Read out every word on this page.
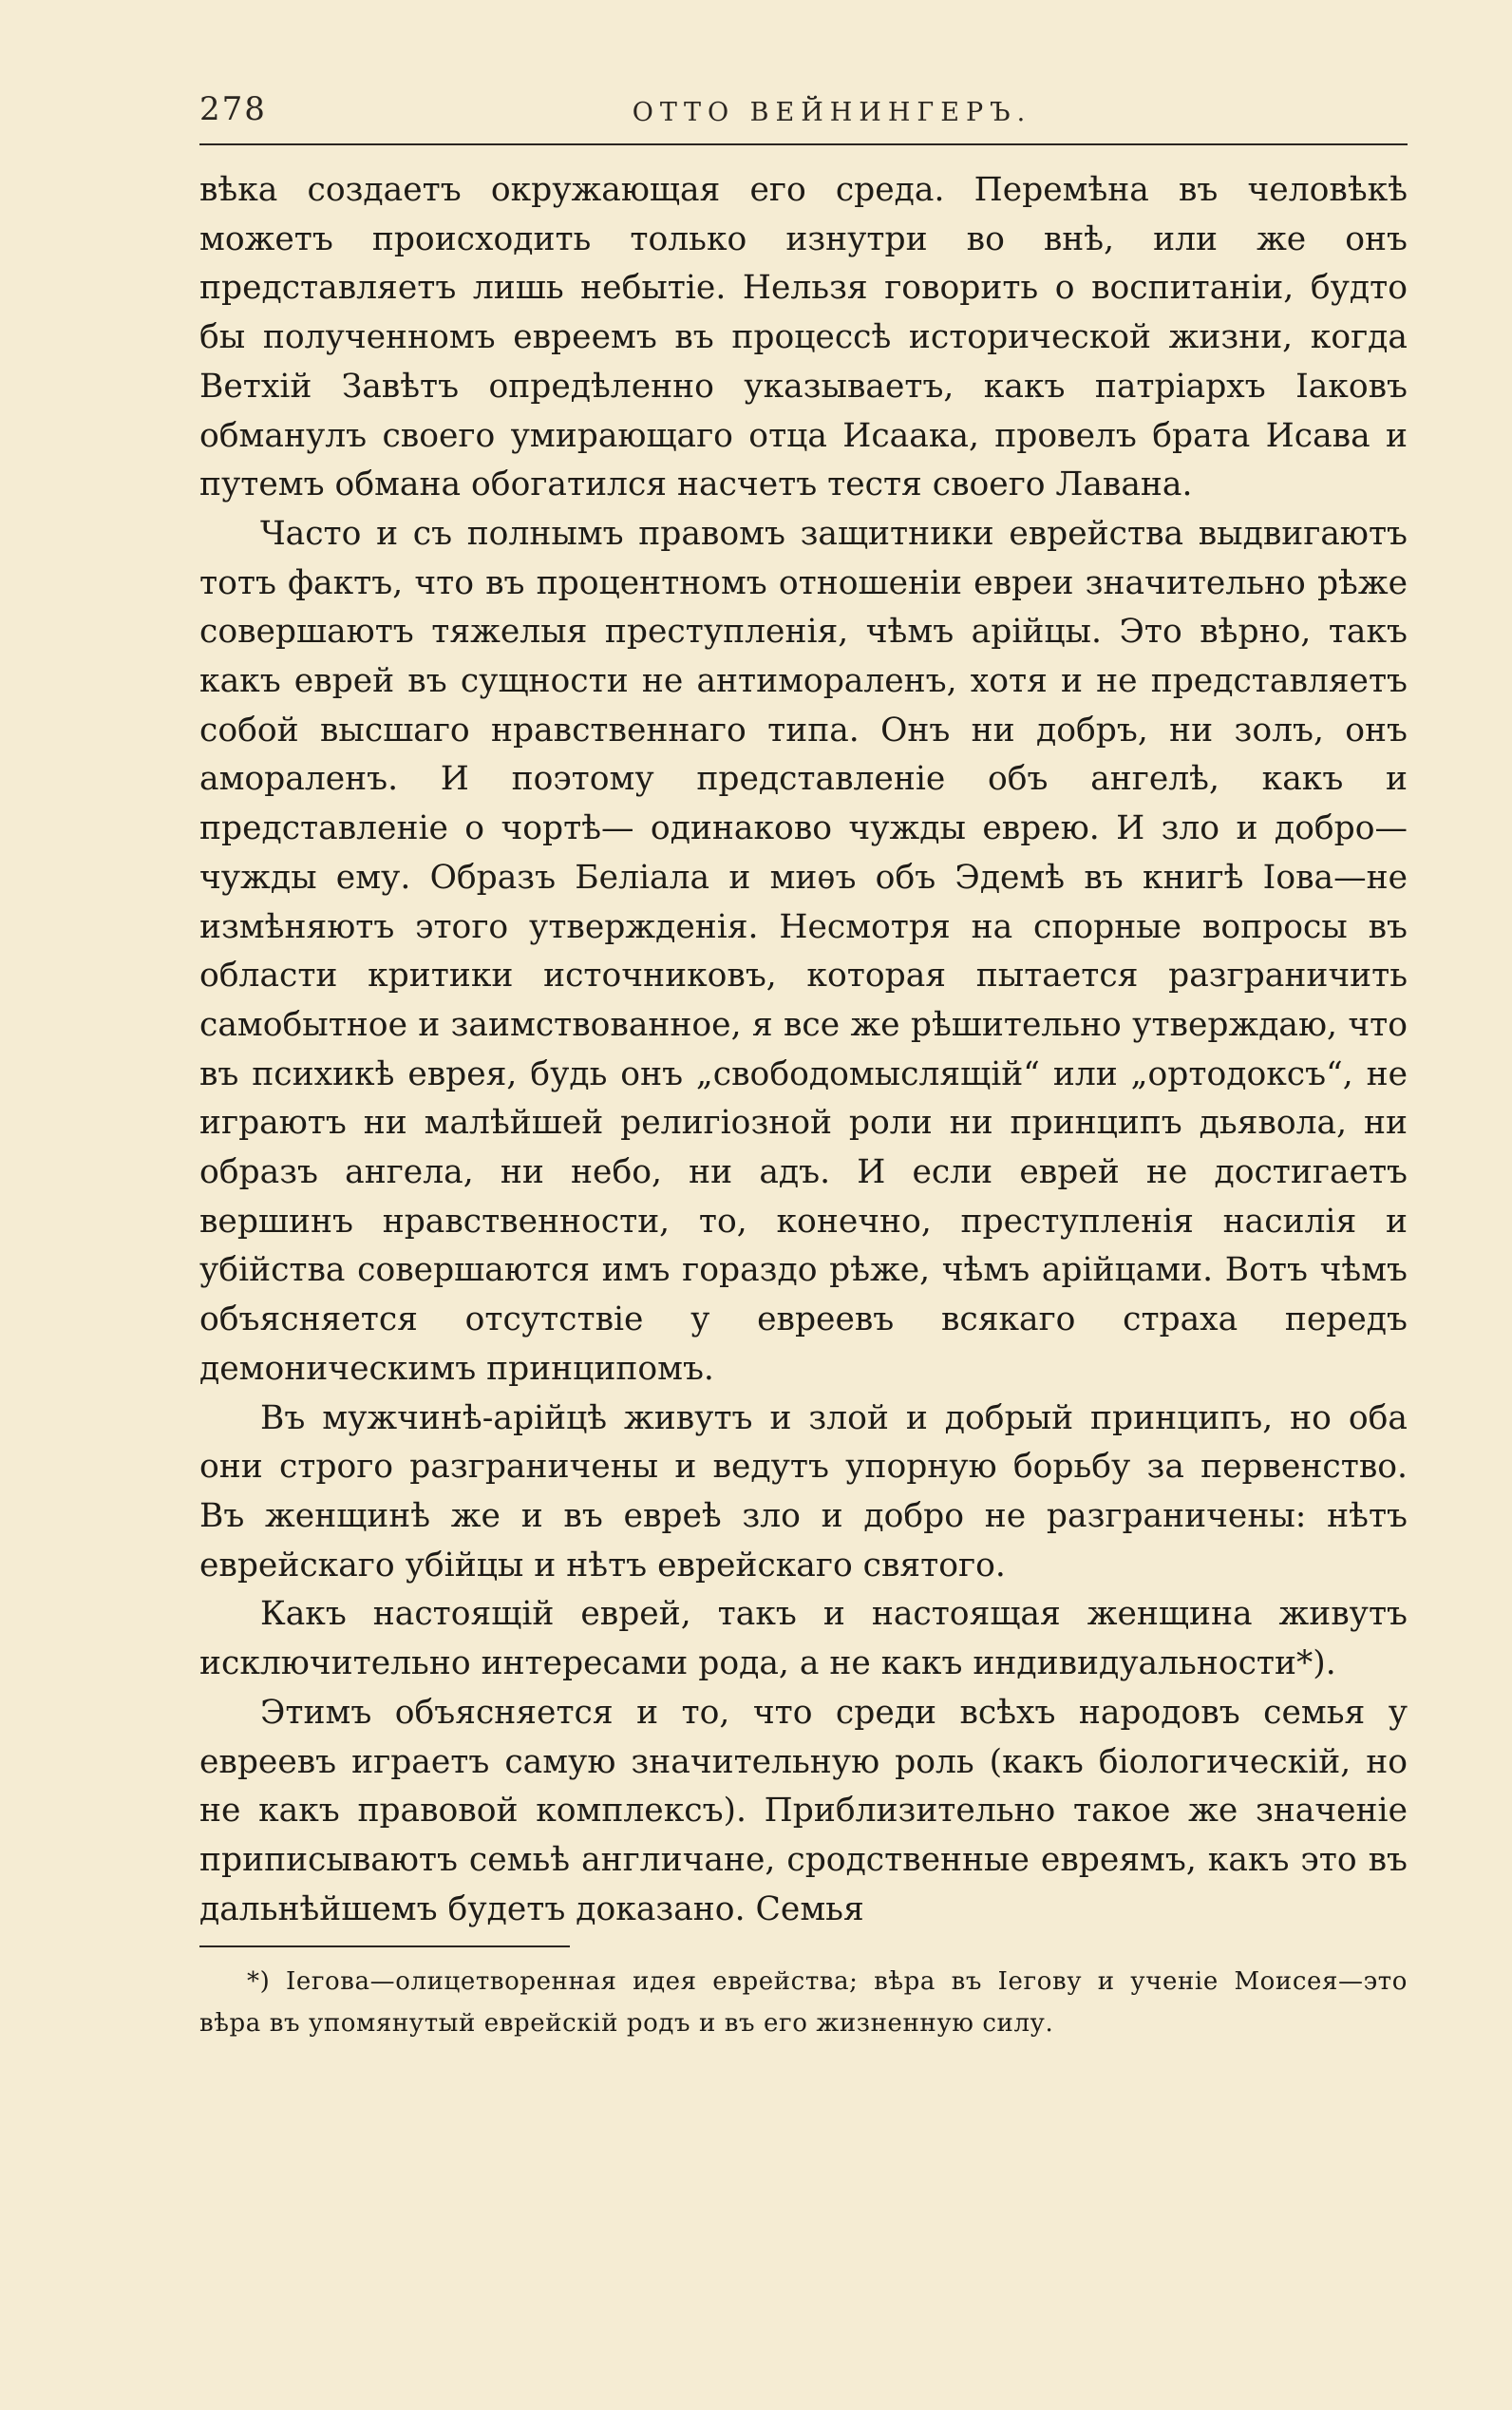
278	ОТТО ВЕЙНИНГЕРЪ.

вѣка создаетъ окружающая его среда. Перемѣна въ человѣкѣ можетъ происходить только изнутри во внѣ, или же онъ представляетъ лишь небытіе. Нельзя говорить о воспитаніи, будто бы полученномъ евреемъ въ процессѣ исторической жизни, когда Ветхій Завѣтъ опредѣленно указываетъ, какъ патріархъ Іаковъ обманулъ своего умирающаго отца Исаака, провелъ брата Исава и путемъ обмана обогатился насчетъ тестя своего Лавана.

Часто и съ полнымъ правомъ защитники еврейства выдвигаютъ тотъ фактъ, что въ процентномъ отношеніи евреи значительно рѣже совершаютъ тяжелыя преступленія, чѣмъ арійцы. Это вѣрно, такъ какъ еврей въ сущности не антимораленъ, хотя и не представляетъ собой высшаго нравственнаго типа. Онъ ни добръ, ни золъ, онъ амораленъ. И поэтому представленіе объ ангелѣ, какъ и представленіе о чортѣ— одинаково чужды еврею. И зло и добро—чужды ему. Образъ Беліала и миѳъ объ Эдемѣ въ книгѣ Іова—не измѣняютъ этого утвержденія. Несмотря на спорные вопросы въ области критики источниковъ, которая пытается разграничить самобытное и заимствованное, я все же рѣшительно утверждаю, что въ психикѣ еврея, будь онъ „свободомыслящій“ или „ортодоксъ“, не играютъ ни малѣйшей религіозной роли ни принципъ дьявола, ни образъ ангела, ни небо, ни адъ. И если еврей не достигаетъ вершинъ нравственности, то, конечно, преступленія насилія и убійства совершаются имъ гораздо рѣже, чѣмъ арійцами. Вотъ чѣмъ объясняется отсутствіе у евреевъ всякаго страха передъ демоническимъ принципомъ.

Въ мужчинѣ-арійцѣ живутъ и злой и добрый принципъ, но оба они строго разграничены и ведутъ упорную борьбу за первенство. Въ женщинѣ же и въ евреѣ зло и добро не разграничены: нѣтъ еврейскаго убійцы и нѣтъ еврейскаго святого.

Какъ настоящій еврей, такъ и настоящая женщина живутъ исключительно интересами рода, а не какъ индивидуальности*).

Этимъ объясняется и то, что среди всѣхъ народовъ семья у евреевъ играетъ самую значительную роль (какъ біологическій, но не какъ правовой комплексъ). Приблизительно такое же значеніе приписываютъ семьѣ англичане, сродственные евреямъ, какъ это въ дальнѣйшемъ будетъ доказано. Семья

*) Іегова—олицетворенная идея еврейства; вѣра въ Іегову и ученіе Моисея—это вѣра въ упомянутый еврейскій родъ и въ его жизненную силу.
